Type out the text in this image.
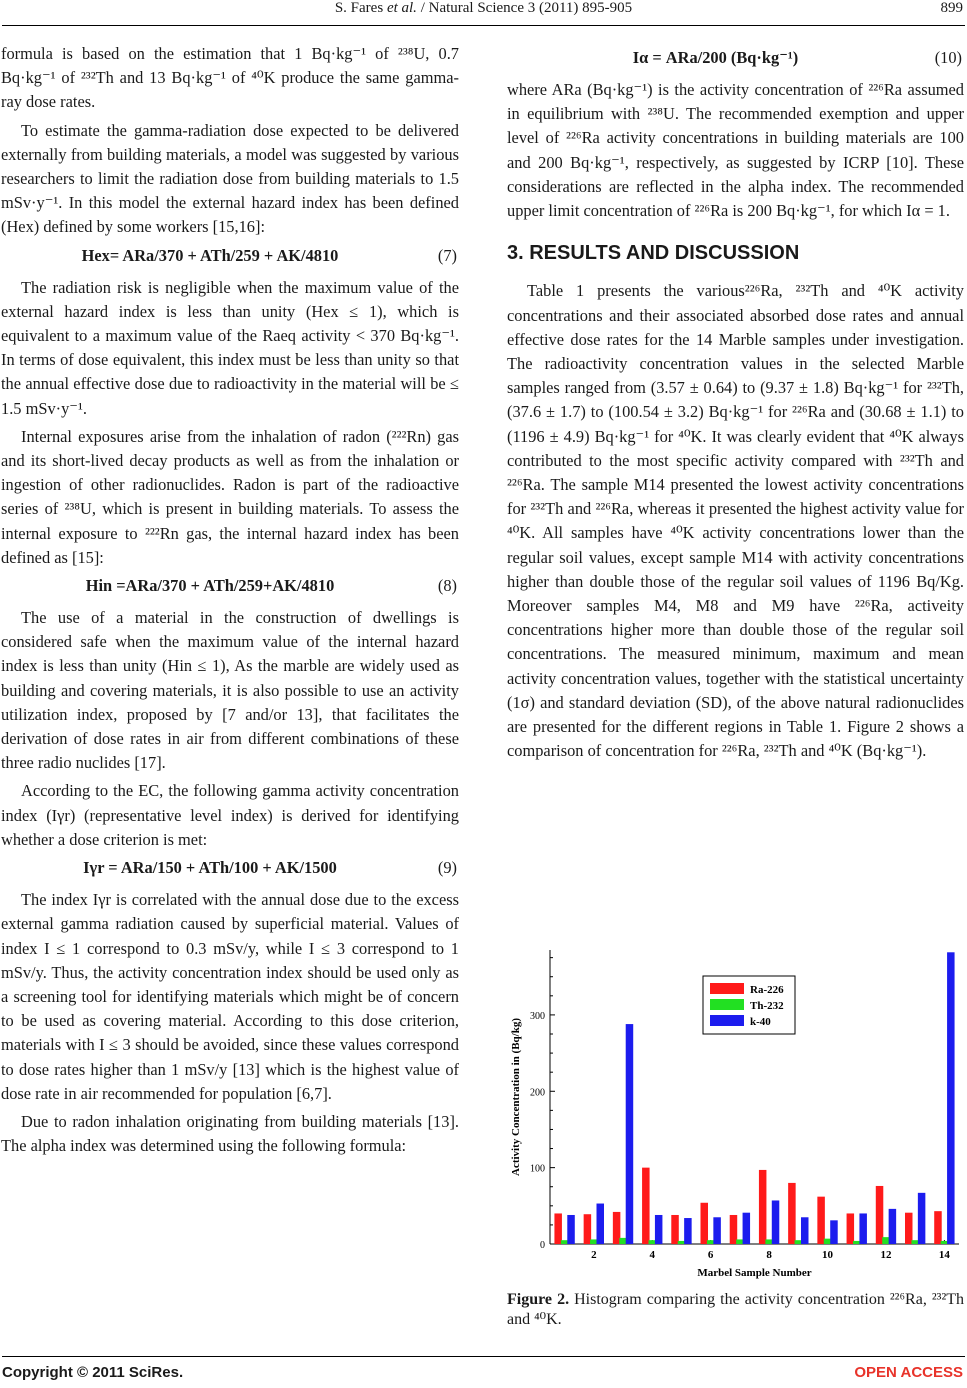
S. Fares et al. / Natural Science 3 (2011) 895-905	899

formula is based on the estimation that 1 Bq·kg⁻¹ of ²³⁸U, 0.7 Bq·kg⁻¹ of ²³²Th and 13 Bq·kg⁻¹ of ⁴⁰K produce the same gamma-ray dose rates.

To estimate the gamma-radiation dose expected to be delivered externally from building materials, a model was suggested by various researchers to limit the radiation dose from building materials to 1.5 mSv·y⁻¹. In this model the external hazard index has been defined (Hex) defined by some workers [15,16]:

Hex= ARa/370 + ATh/259 + AK/4810	(7)

The radiation risk is negligible when the maximum value of the external hazard index is less than unity (Hex ≤ 1), which is equivalent to a maximum value of the Raeq activity < 370 Bq·kg⁻¹. In terms of dose equivalent, this index must be less than unity so that the annual effective dose due to radioactivity in the material will be ≤ 1.5 mSv·y⁻¹.

Internal exposures arise from the inhalation of radon (²²²Rn) gas and its short-lived decay products as well as from the inhalation or ingestion of other radionuclides. Radon is part of the radioactive series of ²³⁸U, which is present in building materials. To assess the internal exposure to ²²²Rn gas, the internal hazard index has been defined as [15]:

Hin =ARa/370 + ATh/259+AK/4810	(8)

The use of a material in the construction of dwellings is considered safe when the maximum value of the internal hazard index is less than unity (Hin ≤ 1), As the marble are widely used as building and covering materials, it is also possible to use an activity utilization index, proposed by [7 and/or 13], that facilitates the derivation of dose rates in air from different combinations of these three radio nuclides [17].

According to the EC, the following gamma activity concentration index (Iγr) (representative level index) is derived for identifying whether a dose criterion is met:

Iγr = ARa/150 + ATh/100 + AK/1500	(9)

The index Iγr is correlated with the annual dose due to the excess external gamma radiation caused by superficial material. Values of index I ≤ 1 correspond to 0.3 mSv/y, while I ≤ 3 correspond to 1 mSv/y. Thus, the activity concentration index should be used only as a screening tool for identifying materials which might be of concern to be used as covering material. According to this dose criterion, materials with I ≤ 3 should be avoided, since these values correspond to dose rates higher than 1 mSv/y [13] which is the highest value of dose rate in air recommended for population [6,7].

Due to radon inhalation originating from building materials [13]. The alpha index was determined using the following formula:

Iα = ARa/200 (Bq·kg⁻¹)	(10)

where ARa (Bq·kg⁻¹) is the activity concentration of ²²⁶Ra assumed in equilibrium with ²³⁸U. The recommended exemption and upper level of ²²⁶Ra activity concentrations in building materials are 100 and 200 Bq·kg⁻¹, respectively, as suggested by ICRP [10]. These considerations are reflected in the alpha index. The recommended upper limit concentration of ²²⁶Ra is 200 Bq·kg⁻¹, for which Iα = 1.

3. RESULTS AND DISCUSSION

Table 1 presents the various²²⁶Ra, ²³²Th and ⁴⁰K activity concentrations and their associated absorbed dose rates and annual effective dose rates for the 14 Marble samples under investigation. The radioactivity concentration values in the selected Marble samples ranged from (3.57 ± 0.64) to (9.37 ± 1.8) Bq·kg⁻¹ for ²³²Th, (37.6 ± 1.7) to (100.54 ± 3.2) Bq·kg⁻¹ for ²²⁶Ra and (30.68 ± 1.1) to (1196 ± 4.9) Bq·kg⁻¹ for ⁴⁰K. It was clearly evident that ⁴⁰K always contributed to the most specific activity compared with ²³²Th and ²²⁶Ra. The sample M14 presented the lowest activity concentrations for ²³²Th and ²²⁶Ra, whereas it presented the highest activity value for ⁴⁰K. All samples have ⁴⁰K activity concentrations lower than the regular soil values, except sample M14 with activity concentrations higher than double those of the regular soil values of 1196 Bq/Kg. Moreover samples M4, M8 and M9 have ²²⁶Ra, activeity concentrations higher more than double those of the regular soil concentrations. The measured minimum, maximum and mean activity concentration values, together with the statistical uncertainty (1σ) and standard deviation (SD), of the above natural radionuclides are presented for the different regions in Table 1. Figure 2 shows a comparison of concentration for ²²⁶Ra, ²³²Th and ⁴⁰K (Bq·kg⁻¹).

0
100
200
300
2	4	6	8	10	12	14
Marbel Sample Number
Activity Concentration in (Bq/kg)
Ra-226
Th-232
k-40
Figure 2. Histogram comparing the activity concentration ²²⁶Ra, ²³²Th and ⁴⁰K.
Copyright © 2011 SciRes.	OPEN ACCESS
